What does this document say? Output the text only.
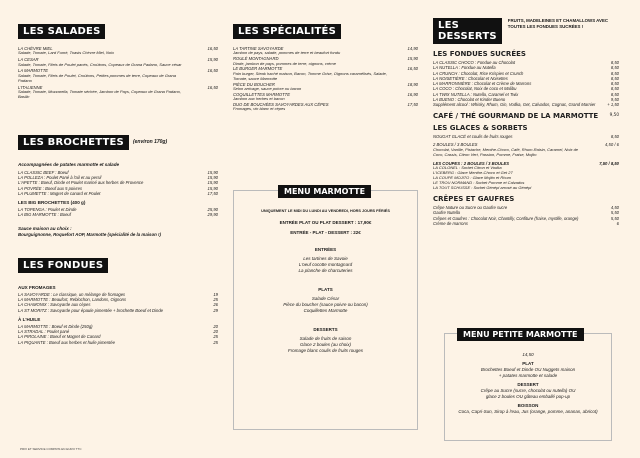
LES SALADES
LA CHÈVRE MIEL	16,50
Salade, Tomate, Lard Fumé, Toasts Chèvre Miel, Noix
LA CESAR	15,90
Salade, Tomate, Filets de Poulet panés, Croûtons, Copeaux de Grana Padano, Sauce césar
LA MARMOTTE	16,50
Salade, Tomate, Filets de Poulet, Croûtons, Petites pommes de terre, Copeaux de Grana Padano
L'ITALIENNE	16,50
Salade, Tomate, Mozzarella, Tomate séchée, Jambon de Pays, Copeaux de Grana Padano, Basilic
LES BROCHETTES	(environ 170g)
Accompagnées de patates marmotte et salade
LA CLASSIC BEEF : Boeuf	15,90
LA POLLEZA : Poulet Pané à l'ail et au persil	15,90
L'APETTE : Boeuf, Dinde et Poulet mariné aux herbes de Provence	15,90
LA POVRÉE : Boeuf aux 5 poivres	15,90
LA PLUMETTE : Magret de canard et Poulet	17,50
LES BIG BROCHETTES (400 g)
LA TOPENGA : Poulet et Dinde	25,90
LA BIG MARMOTTE : Boeuf	29,90
Sauce maison au choix :
Bourguignonne, Roquefort AOP, Marmotte (spécialité de la maison !)
LES FONDUES
AUX FROMAGES
LA SAVOYARDE : Le classique, un mélange de fromages	19
LA MARMOTTE : Beaufort, Reblochon, Landons, Oignons	25
LA CHAMONIX : Savoyarde aux cèpes	26
LA ST MORITZ : Savoyarde pour épaule pimentée + brochette Boeuf et Dinde	29
À L'HUILE
LA MARMOTTE : Boeuf et Dinde (250g)	20
LA STRADAL : Poulet pané	20
LA PIROLAINE : Boeuf et Magret de Canard	25
LA PIQUANTE : Boeuf aux herbes et huile pimentée	25
LES SPÉCIALITÉS
LA TARTINE SAVOYARDE	14,90
Jambon de pays, salade, pommes de terre et beaufort fondu
ROULÉ MONTAGNARD	15,90
Dinde, jambon de pays, pommes de terre, oignons, crème
LE BURGER MARMOTTE	16,50
Pain burger, Steak haché maison, Bacon, Tomme Grise, Oignons caramélisés, Salade, Tomate, sauce Marmotte
PIÈCE DU BOUCHER	18,90
Selon arrivage, sauce poivre ou bacon
COQUILLETTES MARMOTTE	16,90
Jambon aux herbes et bacon
DUO DE BOUCHÉES SAVOYARDES AUX CÈPES	17,50
Fromages, vin blanc et cèpes
MENU MARMOTTE
UNIQUEMENT LE MIDI DU LUNDI AU VENDREDI, HORS JOURS FÉRIÉS
ENTRÉE PLAT OU PLAT DESSERT : 17,90€
ENTRÉE - PLAT - DESSERT : 22€
ENTRÉES
Les tartines de Savoie
L'oeuf cocotte montagnard
La planche de charcuteries
PLATS
Salade César
Pièce du boucher (sauce poivre ou bacon)
Coquillettes Marmotte
DESSERTS
Salade de fruits de saison
Glace 2 boules (au choix)
Fromage blanc coulis de fruits rouges
LES DESSERTS
FRUITS, MADELEINES ET CHAMALLOWS AVEC TOUTES LES FONDUES SUCRÉES !
LES FONDUES SUCRÉES
LA CLASSIC CHOCO : Fondue au Chocolat	8,50
LA NUTELLA : Fondue au Nutella	8,50
LA CRUNCH : Chocolat, Rice Krispies et Crunch	8,50
LA NOISETIÈRE : Chocolat et Noisettes	8,50
LA MARRONNIÈRE : Chocolat et Crème de Marrons	8,50
LA COCO : Chocolat, Noix de coco et Malibu	8,50
LA TWIX NUTELLA : Nutella, Caramel et Twix	8,50
LA BUENO : Chocolat et Kinder Bueno	9,50
Supplément alcool : Whisky, Rhum, Gin, Vodka, Get, Calvados, Cognac, Grand Marnier	+ 1,50
CAFÉ / THÉ GOURMAND DE LA MARMOTTE	9,50
LES GLACES & SORBETS
NOUGAT GLACÉ et coulis de fruits rouges	8,50
2 BOULES / 3 BOULES	4,50 / 6
Chocolat, Vanille, Pistache, Menthe-Choco, Café, Rhum-Raisin, Caramel, Noix de Coco, Cassis, Citron Vert, Passion, Pomme, Fraise, Mojito
LES COUPES : 2 BOULES / 3 BOULES	7,50 / 8,50
LA COLONEL : Sorbet Citron et Vodka
L'ICEBERG : Glace Menthe-Choco et Get 27
LA COUPE MOJITO : Glace Mojito et Rhum
LE TROU NORMAND : Sorbet Pomme et Calvados
LA TOUT SCHUSSE : Sorbet Génépi arrosé au Génépi
CRÊPES ET GAUFRES
Crêpe Nature ou Sucre ou Gaufre sucre	4,50
Gaufre Nutella	5,50
Crêpes et Gaufres : Chocolat Noir, Chantilly, Confiture (fraise, myrtille, orange)	5,50
Crème de marrons	6
MENU PETITE MARMOTTE
14,50
PLAT
Brochettes Boeuf et Dinde OU Nuggets maison
+ patates marmotte et salade
DESSERT
Crêpe au Sucre (sucre, chocolat ou nutella) OU
glace 2 boules OU gâteau emballé pop-up
BOISSON
Coca, Capri-Sun, Sirop à l'eau, Jus (orange, pomme, ananas, abricot)
PRIX ET SERVICE COMPRIS EN EURO TTC
